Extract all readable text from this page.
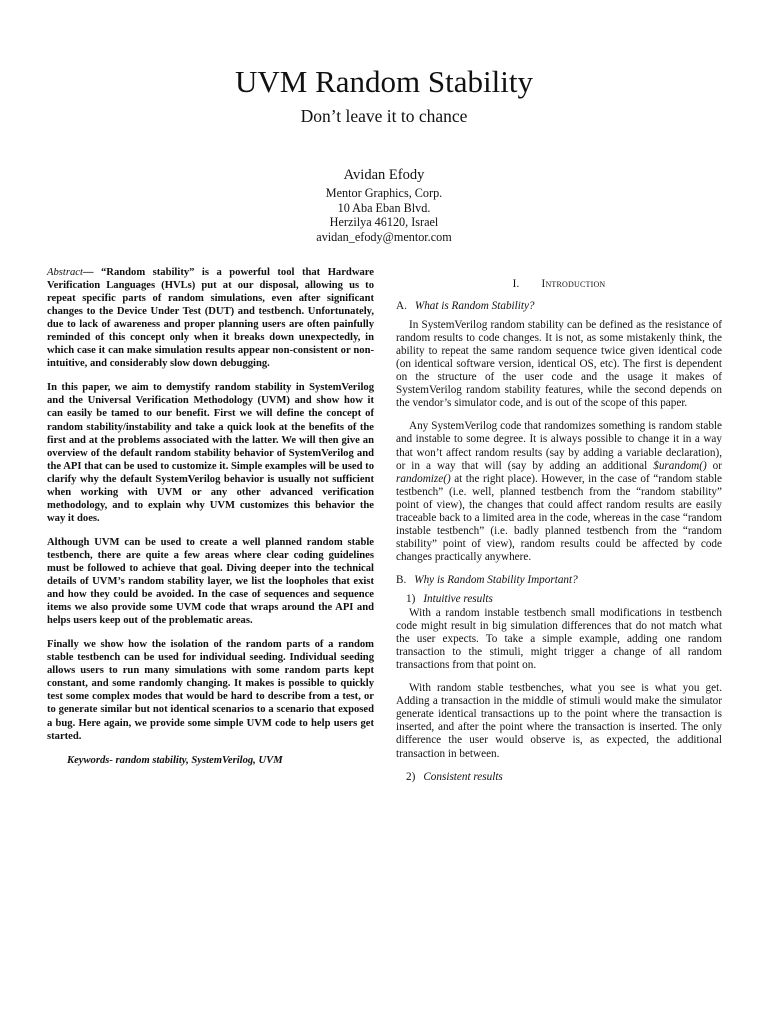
UVM Random Stability
Don’t leave it to chance
Avidan Efody
Mentor Graphics, Corp.
10 Aba Eban Blvd.
Herzilya 46120, Israel
avidan_efody@mentor.com

Abstract— “Random stability” is a powerful tool that Hardware Verification Languages (HVLs) put at our disposal, allowing us to repeat specific parts of random simulations, even after significant changes to the Device Under Test (DUT) and testbench. Unfortunately, due to lack of awareness and proper planning users are often painfully reminded of this concept only when it breaks down unexpectedly, in which case it can make simulation results appear non-consistent or non-intuitive, and considerably slow down debugging.

In this paper, we aim to demystify random stability in SystemVerilog and the Universal Verification Methodology (UVM) and show how it can easily be tamed to our benefit. First we will define the concept of random stability/instability and take a quick look at the benefits of the first and at the problems associated with the latter. We will then give an overview of the default random stability behavior of SystemVerilog and the API that can be used to customize it. Simple examples will be used to clarify why the default SystemVerilog behavior is usually not sufficient when working with UVM or any other advanced verification methodology, and to explain why UVM customizes this behavior the way it does.

Although UVM can be used to create a well planned random stable testbench, there are quite a few areas where clear coding guidelines must be followed to achieve that goal. Diving deeper into the technical details of UVM’s random stability layer, we list the loopholes that exist and how they could be avoided. In the case of sequences and sequence items we also provide some UVM code that wraps around the API and helps users keep out of the problematic areas.

Finally we show how the isolation of the random parts of a random stable testbench can be used for individual seeding. Individual seeding allows users to run many simulations with some random parts kept constant, and some randomly changing. It makes is possible to quickly test some complex modes that would be hard to describe from a test, or to generate similar but not identical scenarios to a scenario that exposed a bug. Here again, we provide some simple UVM code to help users get started.

Keywords- random stability, SystemVerilog, UVM
I. Introduction
A. What is Random Stability?

In SystemVerilog random stability can be defined as the resistance of random results to code changes. It is not, as some mistakenly think, the ability to repeat the same random sequence twice given identical code (on identical software version, identical OS, etc). The first is dependent on the structure of the user code and the usage it makes of SystemVerilog random stability features, while the second depends on the vendor’s simulator code, and is out of the scope of this paper.

Any SystemVerilog code that randomizes something is random stable and instable to some degree. It is always possible to change it in a way that won’t affect random results (say by adding a variable declaration), or in a way that will (say by adding an additional $urandom() or randomize() at the right place). However, in the case of “random stable testbench” (i.e. well, planned testbench from the “random stability” point of view), the changes that could affect random results are easily traceable back to a limited area in the code, whereas in the case “random instable testbench” (i.e. badly planned testbench from the “random stability” point of view), random results could be affected by code changes practically anywhere.

B. Why is Random Stability Important?
1) Intuitive results

With a random instable testbench small modifications in testbench code might result in big simulation differences that do not match what the user expects. To take a simple example, adding one random transaction to the stimuli, might trigger a change of all random transactions from that point on.

With random stable testbenches, what you see is what you get. Adding a transaction in the middle of stimuli would make the simulator generate identical transactions up to the point where the transaction is inserted, and after the point where the transaction is inserted. The only difference the user would observe is, as expected, the additional transaction in between.

2) Consistent results
